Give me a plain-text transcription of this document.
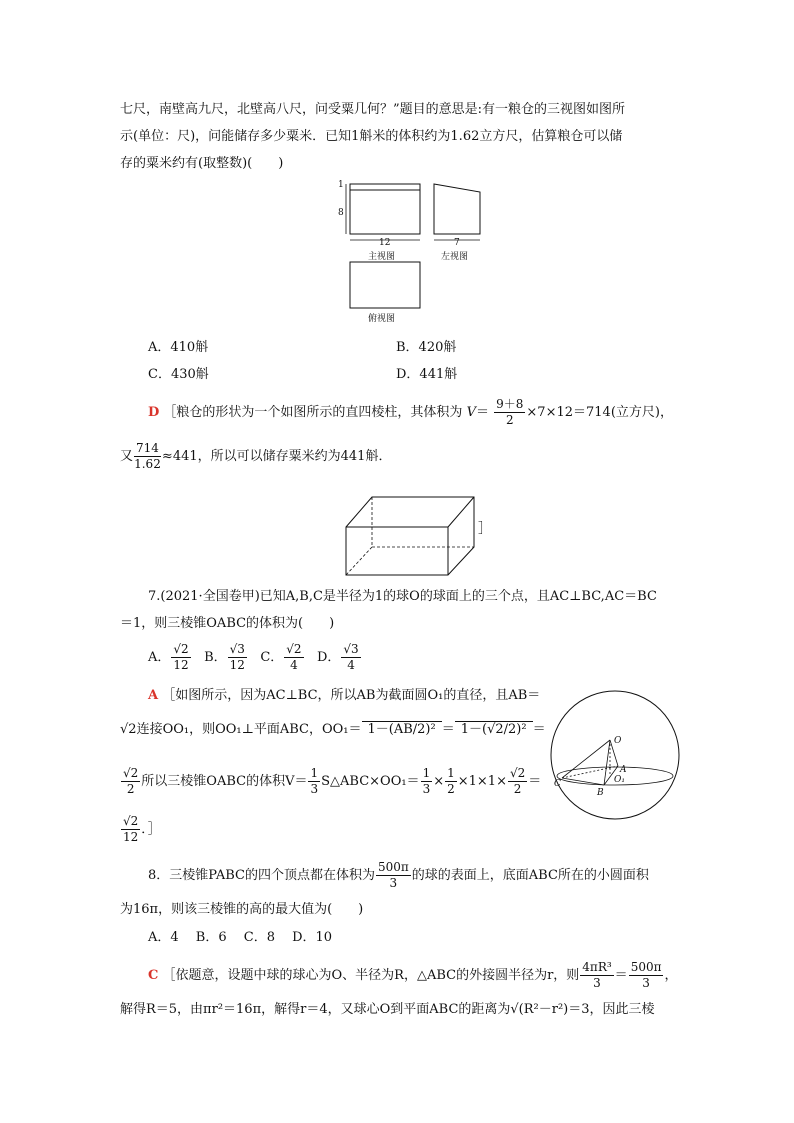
七尺，南壁高九尺，北壁高八尺，问受粟几何？”题目的意思是:有一粮仓的三视图如图所
示(单位：尺)，问能储存多少粟米．已知1斛米的体积约为1.62立方尺，估算粮仓可以储
存的粟米约有(取整数)(　　)
1
8
12	7
主视图	左视图
俯视图
A．410斛	B．420斛
C．430斛	D．441斛
D ［粮仓的形状为一个如图所示的直四棱柱，其体积为 $V= \frac{9+8}{2} \times 7\times 12=714$(立方尺)，
又 $\frac{714}{1.62} \approx 441$，所以可以储存粟米约为441斛．
］
7.(2021·全国卷甲)已知A,B,C是半径为1的球O的球面上的三个点，且AC⊥BC,AC＝BC
＝1，则三棱锥OABC的体积为(　　)
A． $\frac{√2}{12}$ B． $\frac{√3}{12}$ C． $\frac{√2}{4}$ D． $\frac{√3}{4}$
A ［如图所示，因为AC⊥BC，所以AB为截面圆O₁的直径，且AB＝
√2连接OO₁，则OO₁⊥平面ABC，OO₁＝ 1－(AB/2)² ＝ 1－(√2/2)² ＝
$\frac{√2}{2}$ 所以三棱锥OABC的体积$V= \frac{1}{3}$ S△ABC×OO₁＝ $\frac{1}{3} \times \frac{1}{2} \times 1\times 1\times \frac{√2}{2}$ ＝
$\frac{√2}{12}$ ．］
O
A
O₁
B
C
8．三棱锥PABC的四个顶点都在体积为 $\frac{500\pi}{3}$ 的球的表面上，底面ABC所在的小圆面积
为16π，则该三棱锥的高的最大值为(　　)
A．4　 B．6　 C．8　 D．10
C ［依题意，设题中球的球心为O、半径为R，△ABC的外接圆半径为r，则 $\frac{\text{4πR³}}{3} = \frac{500\pi}{3}$ ，
解得R＝5，由πr²＝16π，解得r＝4，又球心O到平面ABC的距离为√(R²－r²)＝3，因此三棱
